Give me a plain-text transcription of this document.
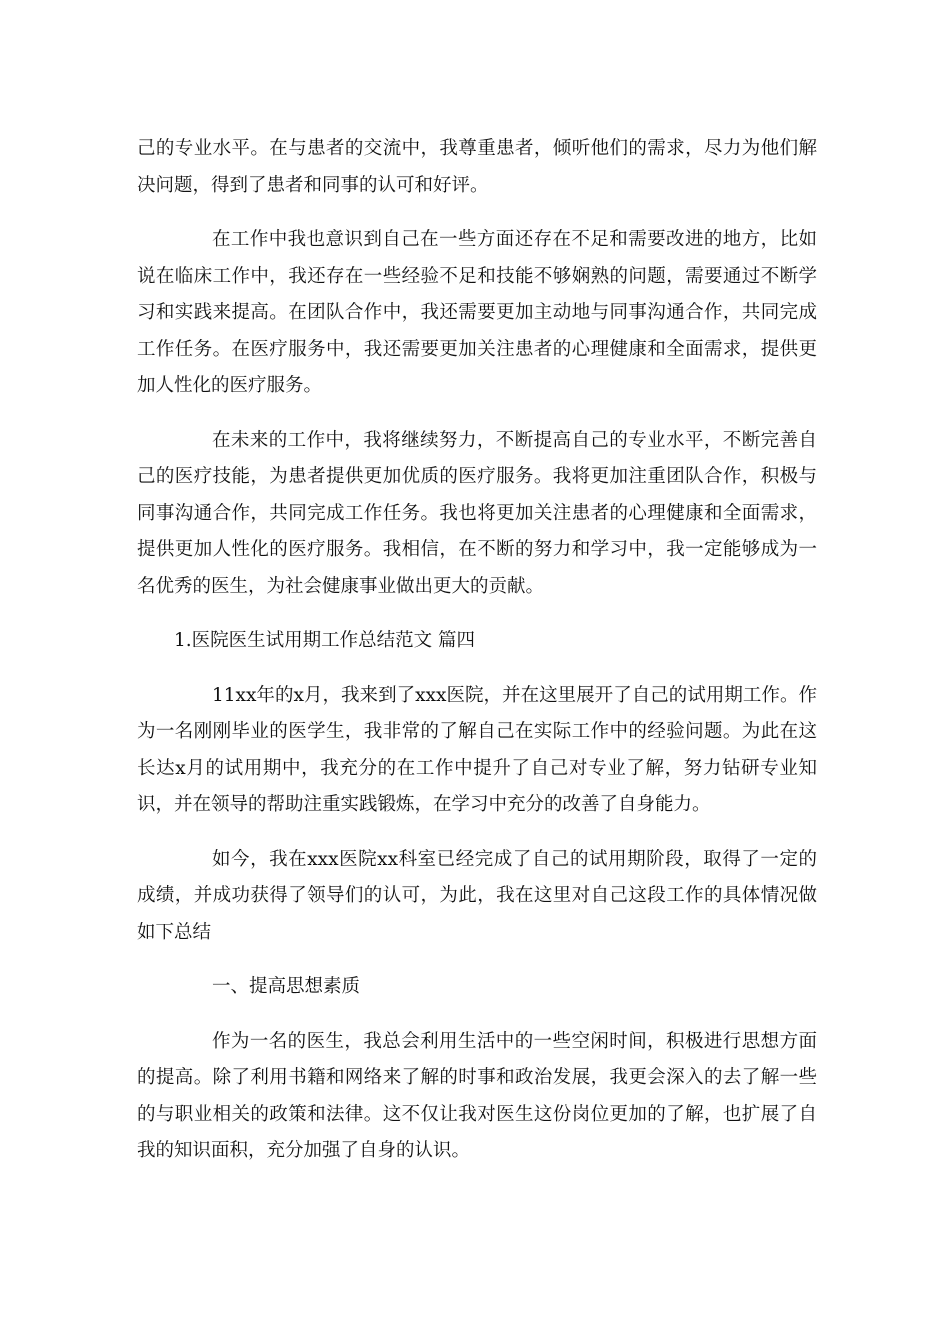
己的专业水平。在与患者的交流中，我尊重患者，倾听他们的需求，尽力为他们解决问题，得到了患者和同事的认可和好评。

在工作中我也意识到自己在一些方面还存在不足和需要改进的地方，比如说在临床工作中，我还存在一些经验不足和技能不够娴熟的问题，需要通过不断学习和实践来提高。在团队合作中，我还需要更加主动地与同事沟通合作，共同完成工作任务。在医疗服务中，我还需要更加关注患者的心理健康和全面需求，提供更加人性化的医疗服务。

在未来的工作中，我将继续努力，不断提高自己的专业水平，不断完善自己的医疗技能，为患者提供更加优质的医疗服务。我将更加注重团队合作，积极与同事沟通合作，共同完成工作任务。我也将更加关注患者的心理健康和全面需求，提供更加人性化的医疗服务。我相信，在不断的努力和学习中，我一定能够成为一名优秀的医生，为社会健康事业做出更大的贡献。

1.医院医生试用期工作总结范文 篇四

11xx年的x月，我来到了xxx医院，并在这里展开了自己的试用期工作。作为一名刚刚毕业的医学生，我非常的了解自己在实际工作中的经验问题。为此在这长达x月的试用期中，我充分的在工作中提升了自己对专业了解，努力钻研专业知识，并在领导的帮助注重实践锻炼，在学习中充分的改善了自身能力。

如今，我在xxx医院xx科室已经完成了自己的试用期阶段，取得了一定的成绩，并成功获得了领导们的认可，为此，我在这里对自己这段工作的具体情况做如下总结

一、提高思想素质

作为一名的医生，我总会利用生活中的一些空闲时间，积极进行思想方面的提高。除了利用书籍和网络来了解的时事和政治发展，我更会深入的去了解一些的与职业相关的政策和法律。这不仅让我对医生这份岗位更加的了解，也扩展了自我的知识面积，充分加强了自身的认识。
